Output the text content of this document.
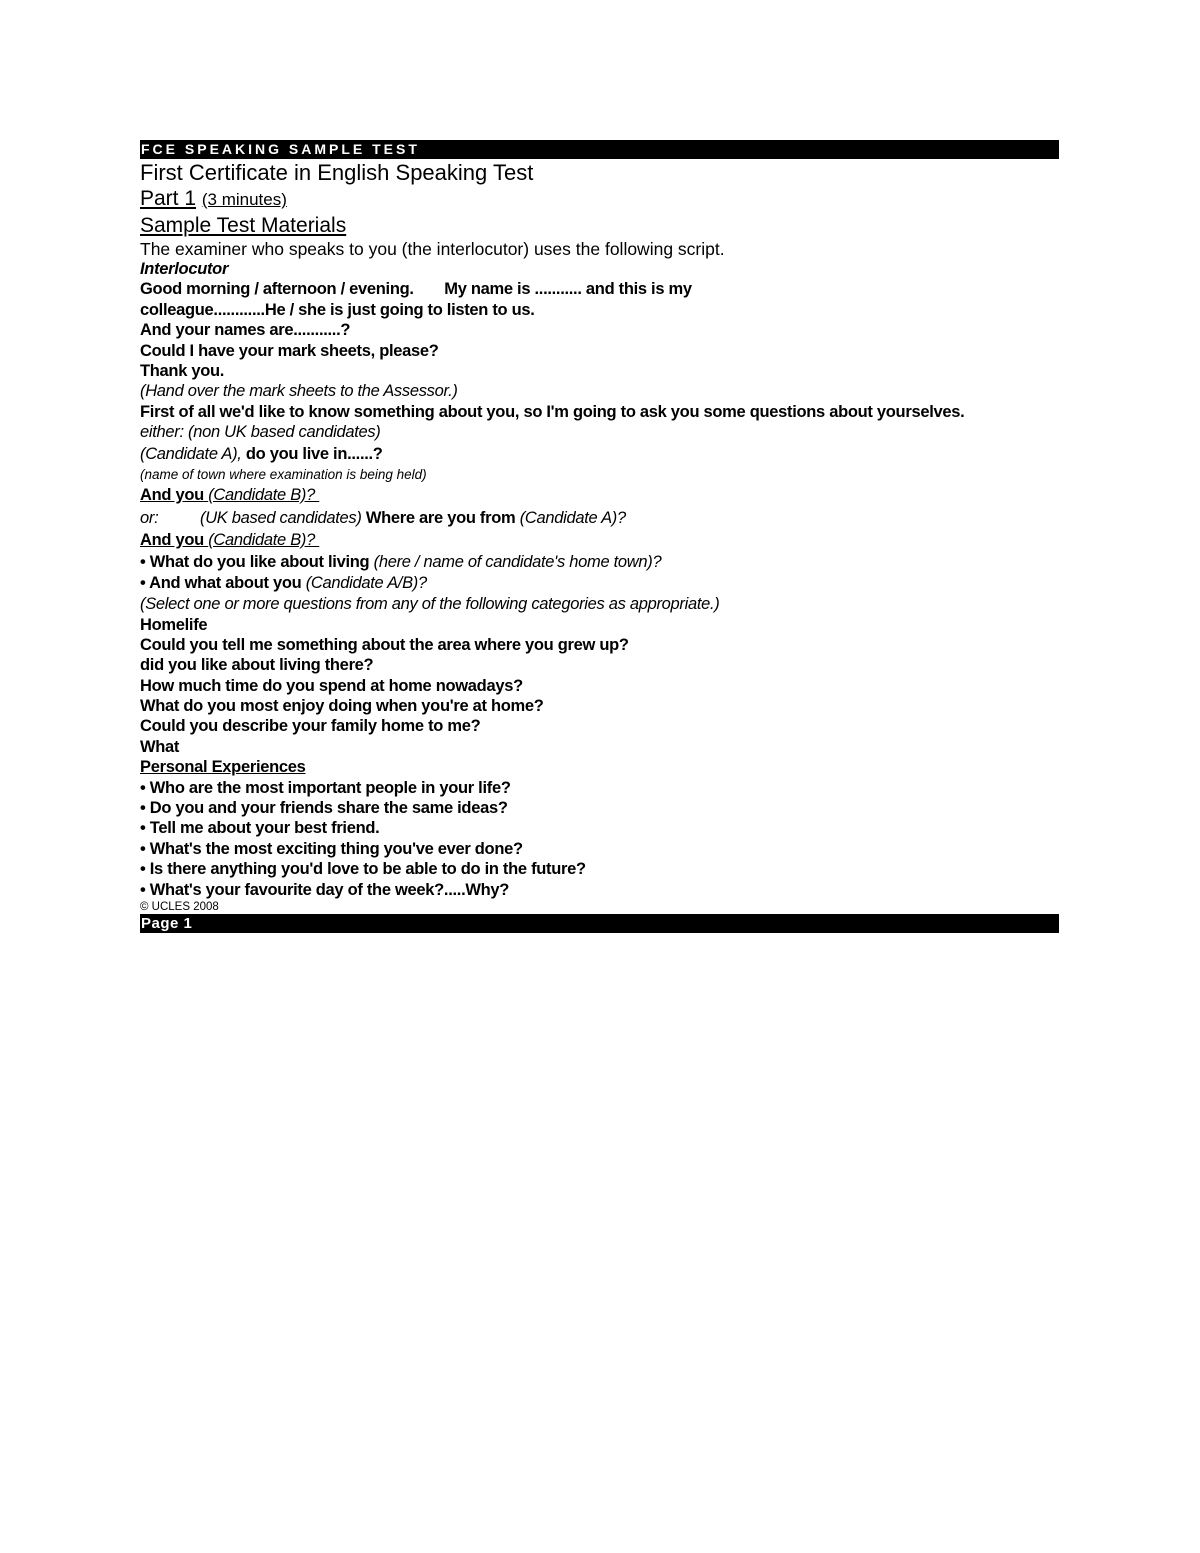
FCE SPEAKING SAMPLE TEST
First Certificate in English Speaking Test
Part 1 (3 minutes)
Sample Test Materials
The examiner who speaks to you (the interlocutor) uses the following script.
Interlocutor
Good morning / afternoon / evening. My name is ........... and this is my
colleague............He / she is just going to listen to us.
And your names are...........?
Could I have your mark sheets, please?
Thank you.
(Hand over the mark sheets to the Assessor.)
First of all we'd like to know something about you, so I'm going to ask you some questions about yourselves.
either: (non UK based candidates)
(Candidate A), do you live in......?
(name of town where examination is being held)
And you (Candidate B)?
or:	(UK based candidates) Where are you from (Candidate A)?
And you (Candidate B)?
• What do you like about living (here / name of candidate's home town)?
• And what about you (Candidate A/B)?
(Select one or more questions from any of the following categories as appropriate.)
Homelife
Could you tell me something about the area where you grew up?
did you like about living there?
How much time do you spend at home nowadays?
What do you most enjoy doing when you're at home?
Could you describe your family home to me?
What
Personal Experiences
• Who are the most important people in your life?
• Do you and your friends share the same ideas?
• Tell me about your best friend.
• What's the most exciting thing you've ever done?
• Is there anything you'd love to be able to do in the future?
• What's your favourite day of the week?.....Why?
© UCLES 2008
Page 1
